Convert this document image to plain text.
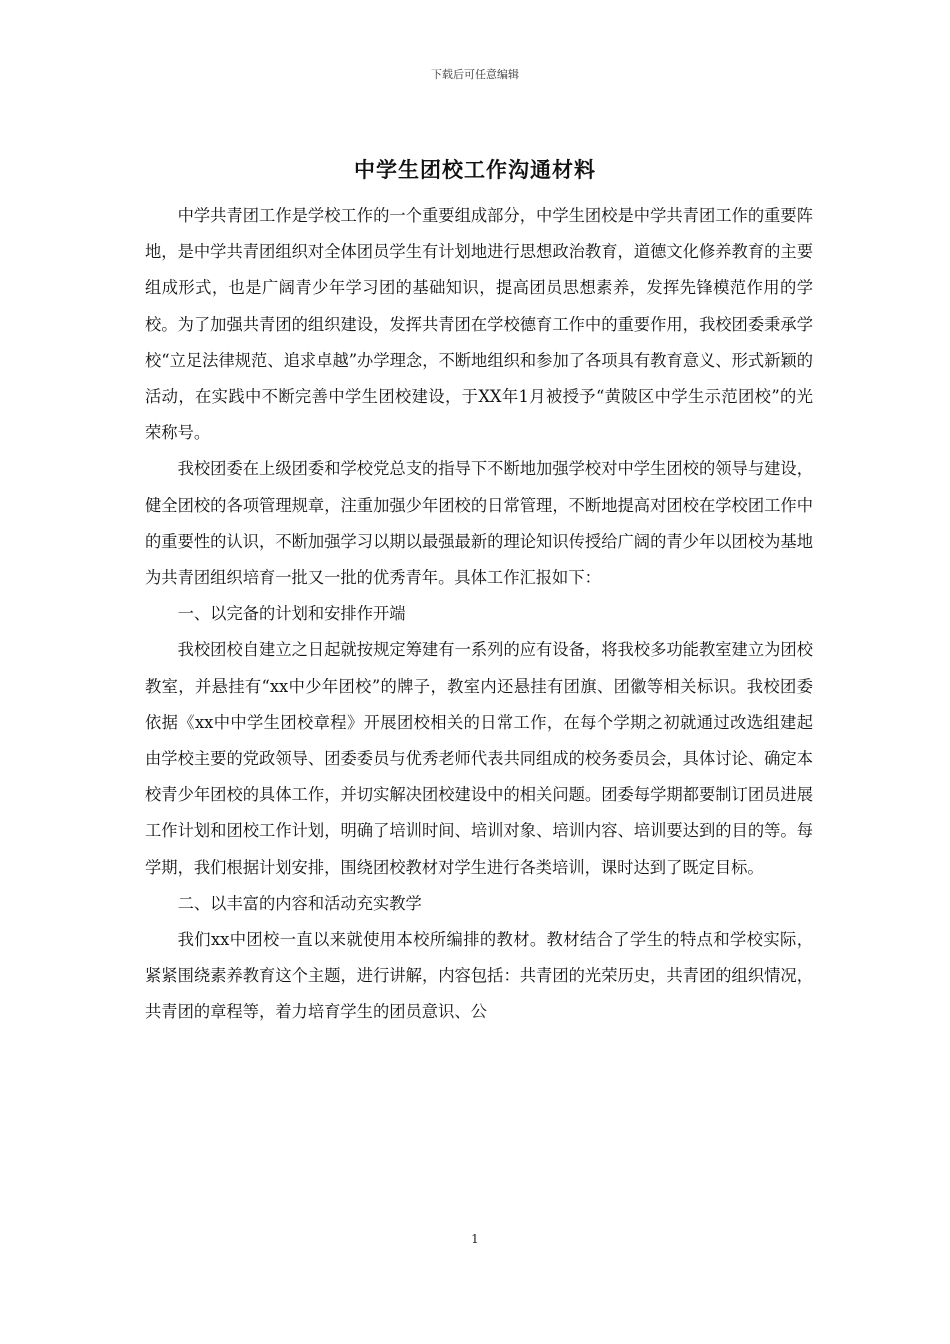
下载后可任意编辑
中学生团校工作沟通材料

中学共青团工作是学校工作的一个重要组成部分，中学生团校是中学共青团工作的重要阵地，是中学共青团组织对全体团员学生有计划地进行思想政治教育，道德文化修养教育的主要组成形式，也是广阔青少年学习团的基础知识，提高团员思想素养，发挥先锋模范作用的学校。为了加强共青团的组织建设，发挥共青团在学校德育工作中的重要作用，我校团委秉承学校“立足法律规范、追求卓越”办学理念，不断地组织和参加了各项具有教育意义、形式新颖的活动，在实践中不断完善中学生团校建设，于XX年1月被授予“黄陂区中学生示范团校”的光荣称号。

我校团委在上级团委和学校党总支的指导下不断地加强学校对中学生团校的领导与建设，健全团校的各项管理规章，注重加强少年团校的日常管理，不断地提高对团校在学校团工作中的重要性的认识，不断加强学习以期以最强最新的理论知识传授给广阔的青少年以团校为基地为共青团组织培育一批又一批的优秀青年。具体工作汇报如下：

一、以完备的计划和安排作开端

我校团校自建立之日起就按规定筹建有一系列的应有设备，将我校多功能教室建立为团校教室，并悬挂有“xx中少年团校”的牌子，教室内还悬挂有团旗、团徽等相关标识。我校团委依据《xx中中学生团校章程》开展团校相关的日常工作，在每个学期之初就通过改选组建起由学校主要的党政领导、团委委员与优秀老师代表共同组成的校务委员会，具体讨论、确定本校青少年团校的具体工作，并切实解决团校建设中的相关问题。团委每学期都要制订团员进展工作计划和团校工作计划，明确了培训时间、培训对象、培训内容、培训要达到的目的等。每学期，我们根据计划安排，围绕团校教材对学生进行各类培训，课时达到了既定目标。

二、以丰富的内容和活动充实教学

我们xx中团校一直以来就使用本校所编排的教材。教材结合了学生的特点和学校实际，紧紧围绕素养教育这个主题，进行讲解，内容包括：共青团的光荣历史，共青团的组织情况，共青团的章程等，着力培育学生的团员意识、公

1
